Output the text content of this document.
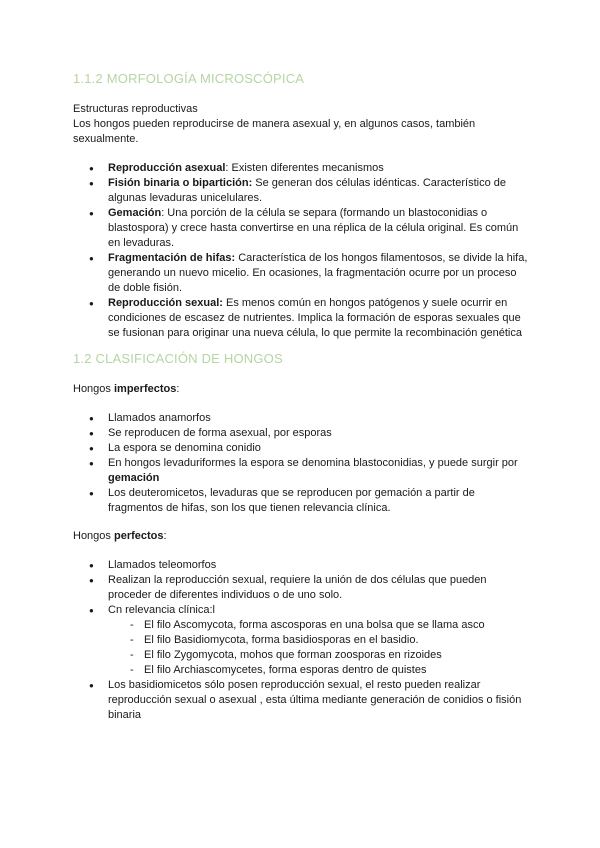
1.1.2 MORFOLOGÍA MICROSCÓPICA

Estructuras reproductivas

Los hongos pueden reproducirse de manera asexual y, en algunos casos, también sexualmente.

● Reproducción asexual: Existen diferentes mecanismos
● Fisión binaria o bipartición: Se generan dos células idénticas. Característico de algunas levaduras unicelulares.
● Gemación: Una porción de la célula se separa (formando un blastoconidias o blastospora) y crece hasta convertirse en una réplica de la célula original. Es común en levaduras.
● Fragmentación de hifas: Característica de los hongos filamentosos, se divide la hifa, generando un nuevo micelio. En ocasiones, la fragmentación ocurre por un proceso de doble fisión.
● Reproducción sexual: Es menos común en hongos patógenos y suele ocurrir en condiciones de escasez de nutrientes. Implica la formación de esporas sexuales que se fusionan para originar una nueva célula, lo que permite la recombinación genética
1.2 CLASIFICACIÓN DE HONGOS

Hongos imperfectos:

● Llamados anamorfos
● Se reproducen de forma asexual, por esporas
● La espora se denomina conidio
● En hongos levaduriformes la espora se denomina blastoconidias, y puede surgir por gemación
● Los deuteromicetos, levaduras que se reproducen por gemación a partir de fragmentos de hifas, son los que tienen relevancia clínica.

Hongos perfectos:

● Llamados teleomorfos
● Realizan la reproducción sexual, requiere la unión de dos células que pueden proceder de diferentes individuos o de uno solo.
● Cn relevancia clínica:l
- El filo Ascomycota, forma ascosporas en una bolsa que se llama asco
- El filo Basidiomycota, forma basidiosporas en el basidio.
- El filo Zygomycota, mohos que forman zoosporas en rizoides
- El filo Archiascomycetes, forma esporas dentro de quistes
● Los basidiomicetos sólo posen reproducción sexual, el resto pueden realizar reproducción sexual o asexual , esta última mediante generación de conidios o fisión binaria
